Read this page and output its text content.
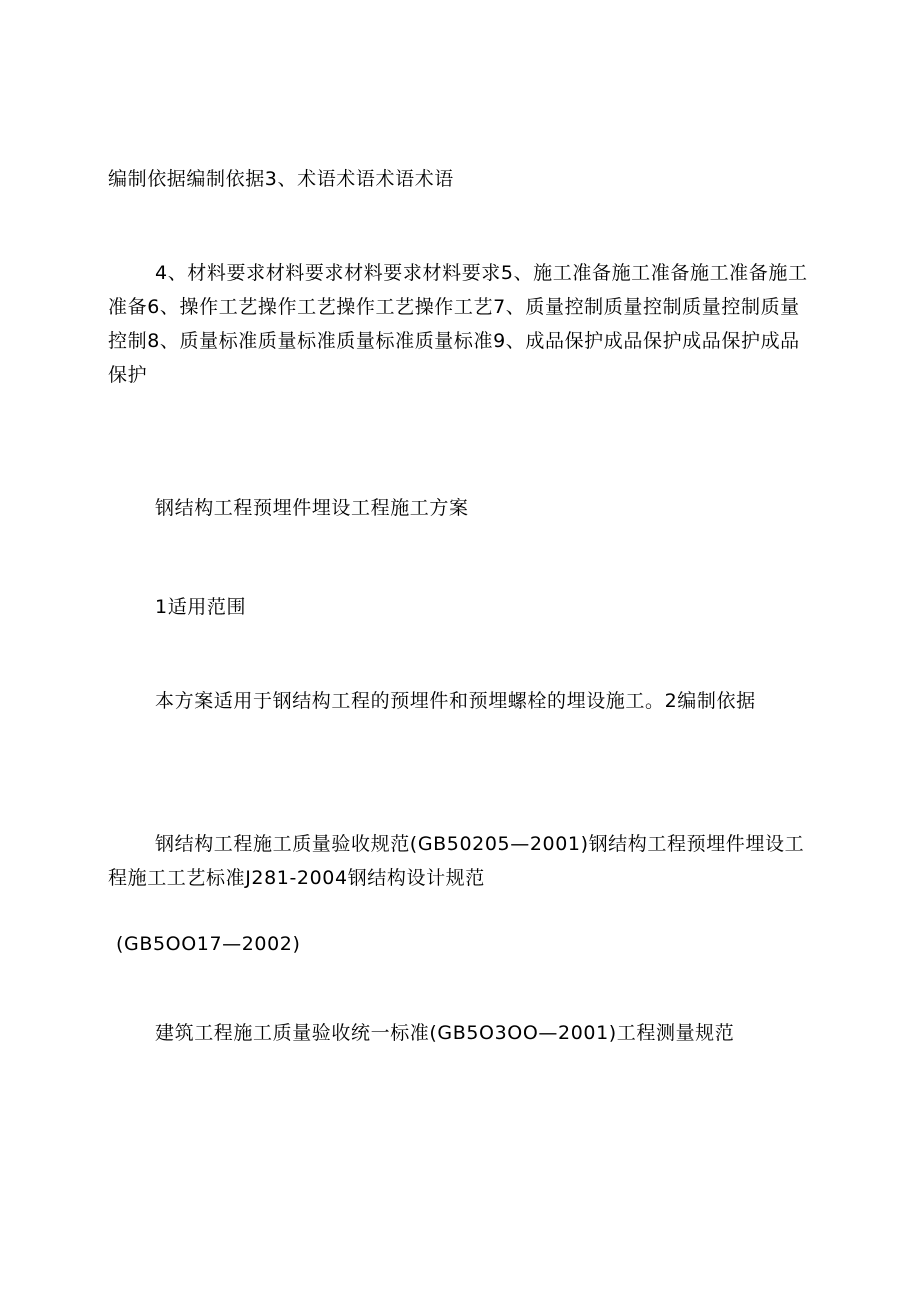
编制依据编制依据3、术语术语术语术语

4、材料要求材料要求材料要求材料要求5、施工准备施工准备施工准备施工准备6、操作工艺操作工艺操作工艺操作工艺7、质量控制质量控制质量控制质量控制8、质量标准质量标准质量标准质量标准9、成品保护成品保护成品保护成品保护

钢结构工程预埋件埋设工程施工方案

1适用范围

本方案适用于钢结构工程的预埋件和预埋螺栓的埋设施工。2编制依据

钢结构工程施工质量验收规范(GB50205—2001)钢结构工程预埋件埋设工程施工工艺标准J281-2004钢结构设计规范

(GB5OO17—2002)

建筑工程施工质量验收统一标准(GB5O3OO—2001)工程测量规范
